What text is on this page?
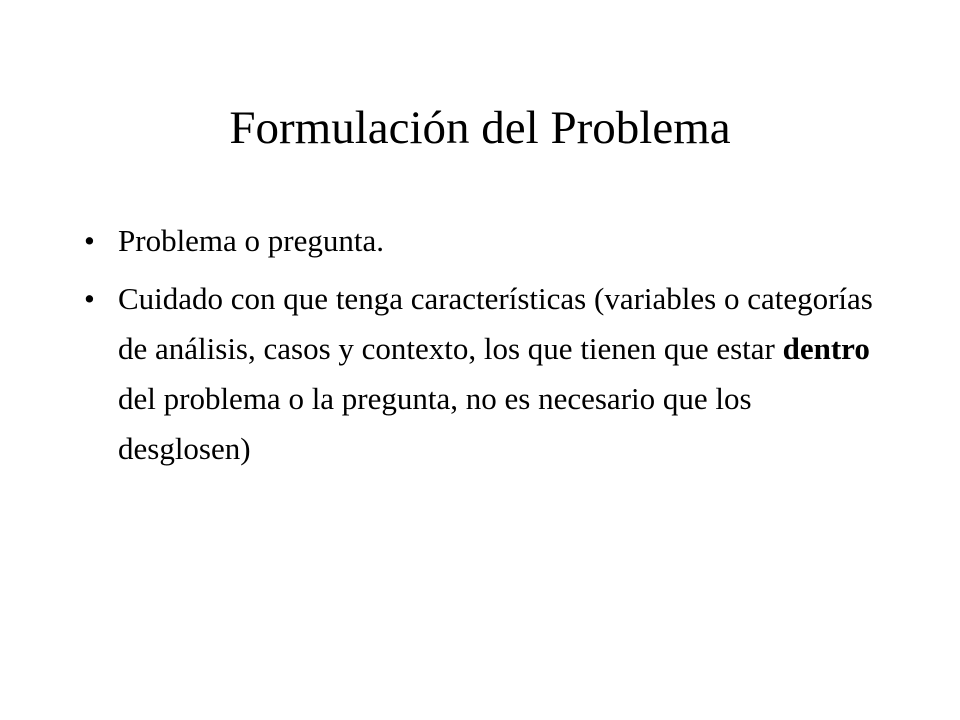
Formulación del Problema
• Problema o pregunta.
• Cuidado con que tenga características (variables o categorías de análisis, casos y contexto, los que tienen que estar dentro del problema o la pregunta, no es necesario que los desglosen)
